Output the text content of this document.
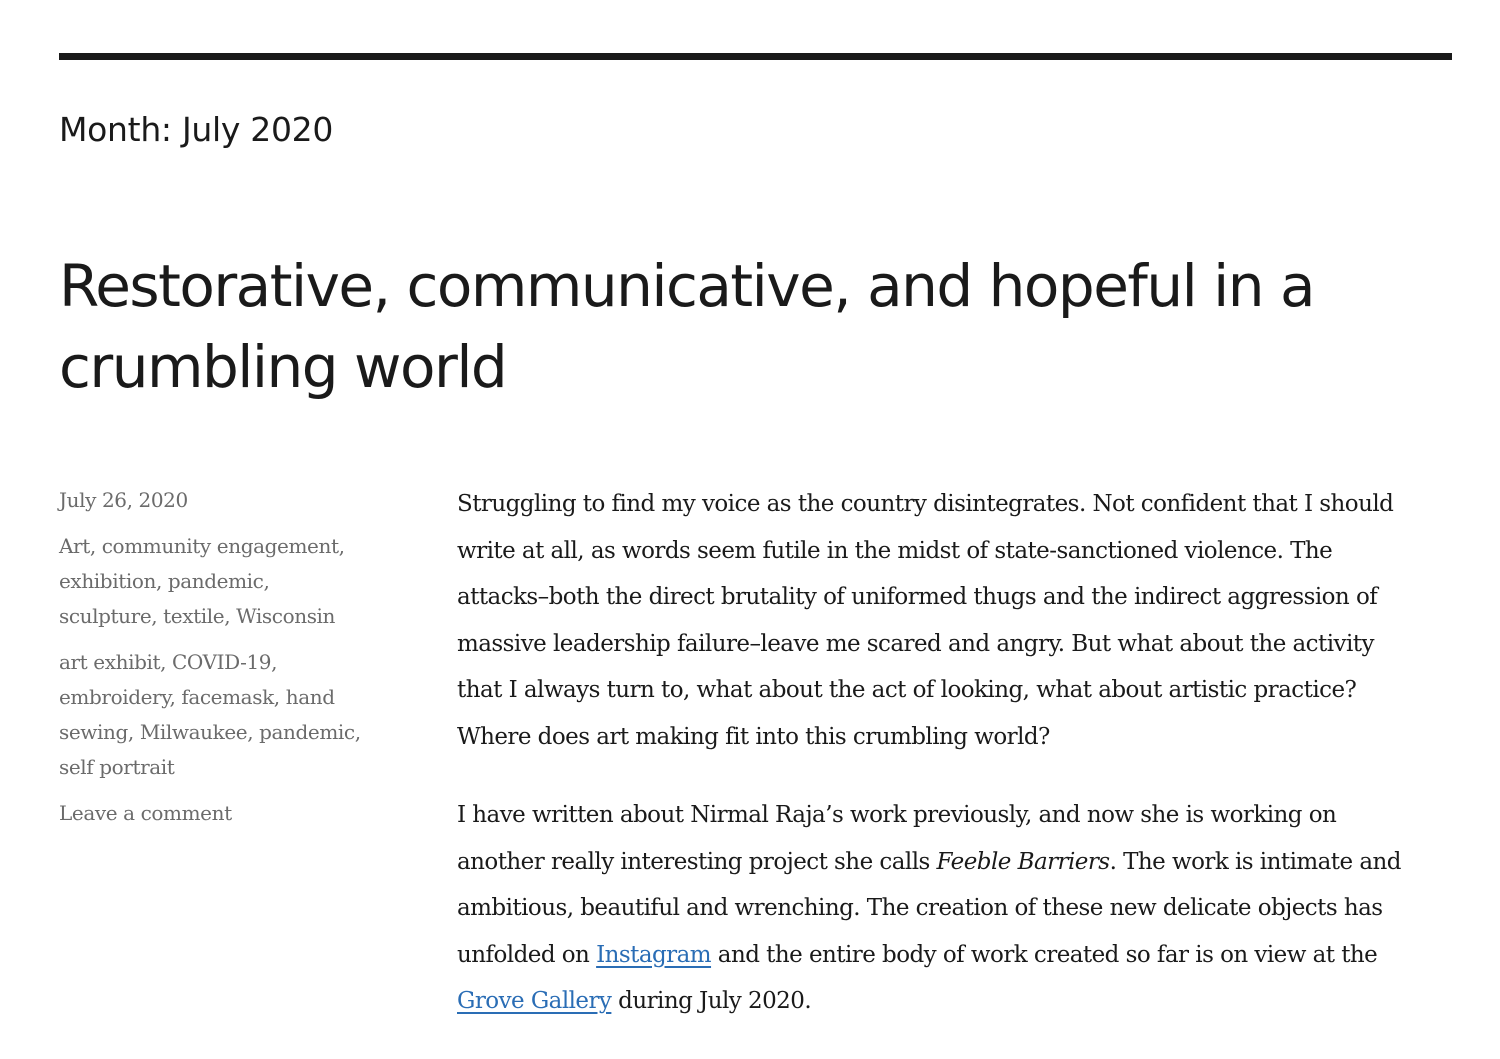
Month: July 2020
Restorative, communicative, and hopeful in a
crumbling world
July 26, 2020
Art, community engagement,
exhibition, pandemic,
sculpture, textile, Wisconsin
art exhibit, COVID-19,
embroidery, facemask, hand
sewing, Milwaukee, pandemic,
self portrait
Leave a comment

Struggling to find my voice as the country disintegrates. Not confident that I should
write at all, as words seem futile in the midst of state-sanctioned violence. The
attacks–both the direct brutality of uniformed thugs and the indirect aggression of
massive leadership failure–leave me scared and angry. But what about the activity
that I always turn to, what about the act of looking, what about artistic practice?
Where does art making fit into this crumbling world?

I have written about Nirmal Raja’s work previously, and now she is working on
another really interesting project she calls Feeble Barriers. The work is intimate and
ambitious, beautiful and wrenching. The creation of these new delicate objects has
unfolded on Instagram and the entire body of work created so far is on view at the
Grove Gallery during July 2020.
